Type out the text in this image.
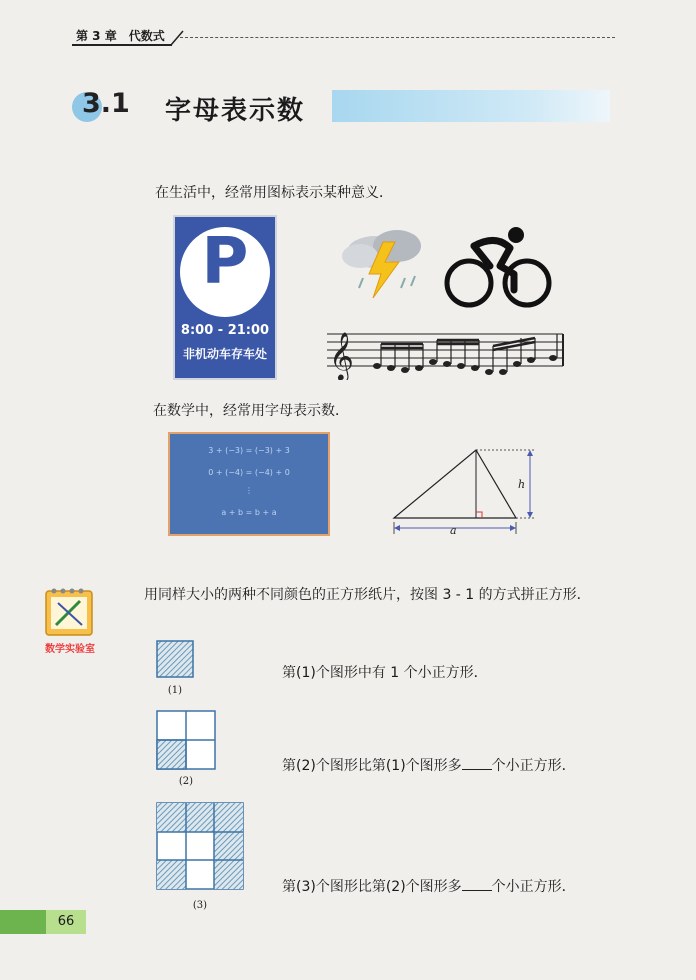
第 3 章　代数式
3.1 字母表示数
在生活中，经常用图标表示某种意义．
P
8:00 - 21:00
非机动车存车处 𝄞
在数学中，经常用字母表示数．
3 + (−3) = (−3) + 3
0 + (−4) = (−4) + 0
⋮
a + b = b + a
a
h
数学实验室
用同样大小的两种不同颜色的正方形纸片，按图 3 - 1 的方式拼正方形．
(1)
第(1)个图形中有 1 个小正方形．
(2)
第(2)个图形比第(1)个图形多 个小正方形．
(3)
第(3)个图形比第(2)个图形多 个小正方形．
66
